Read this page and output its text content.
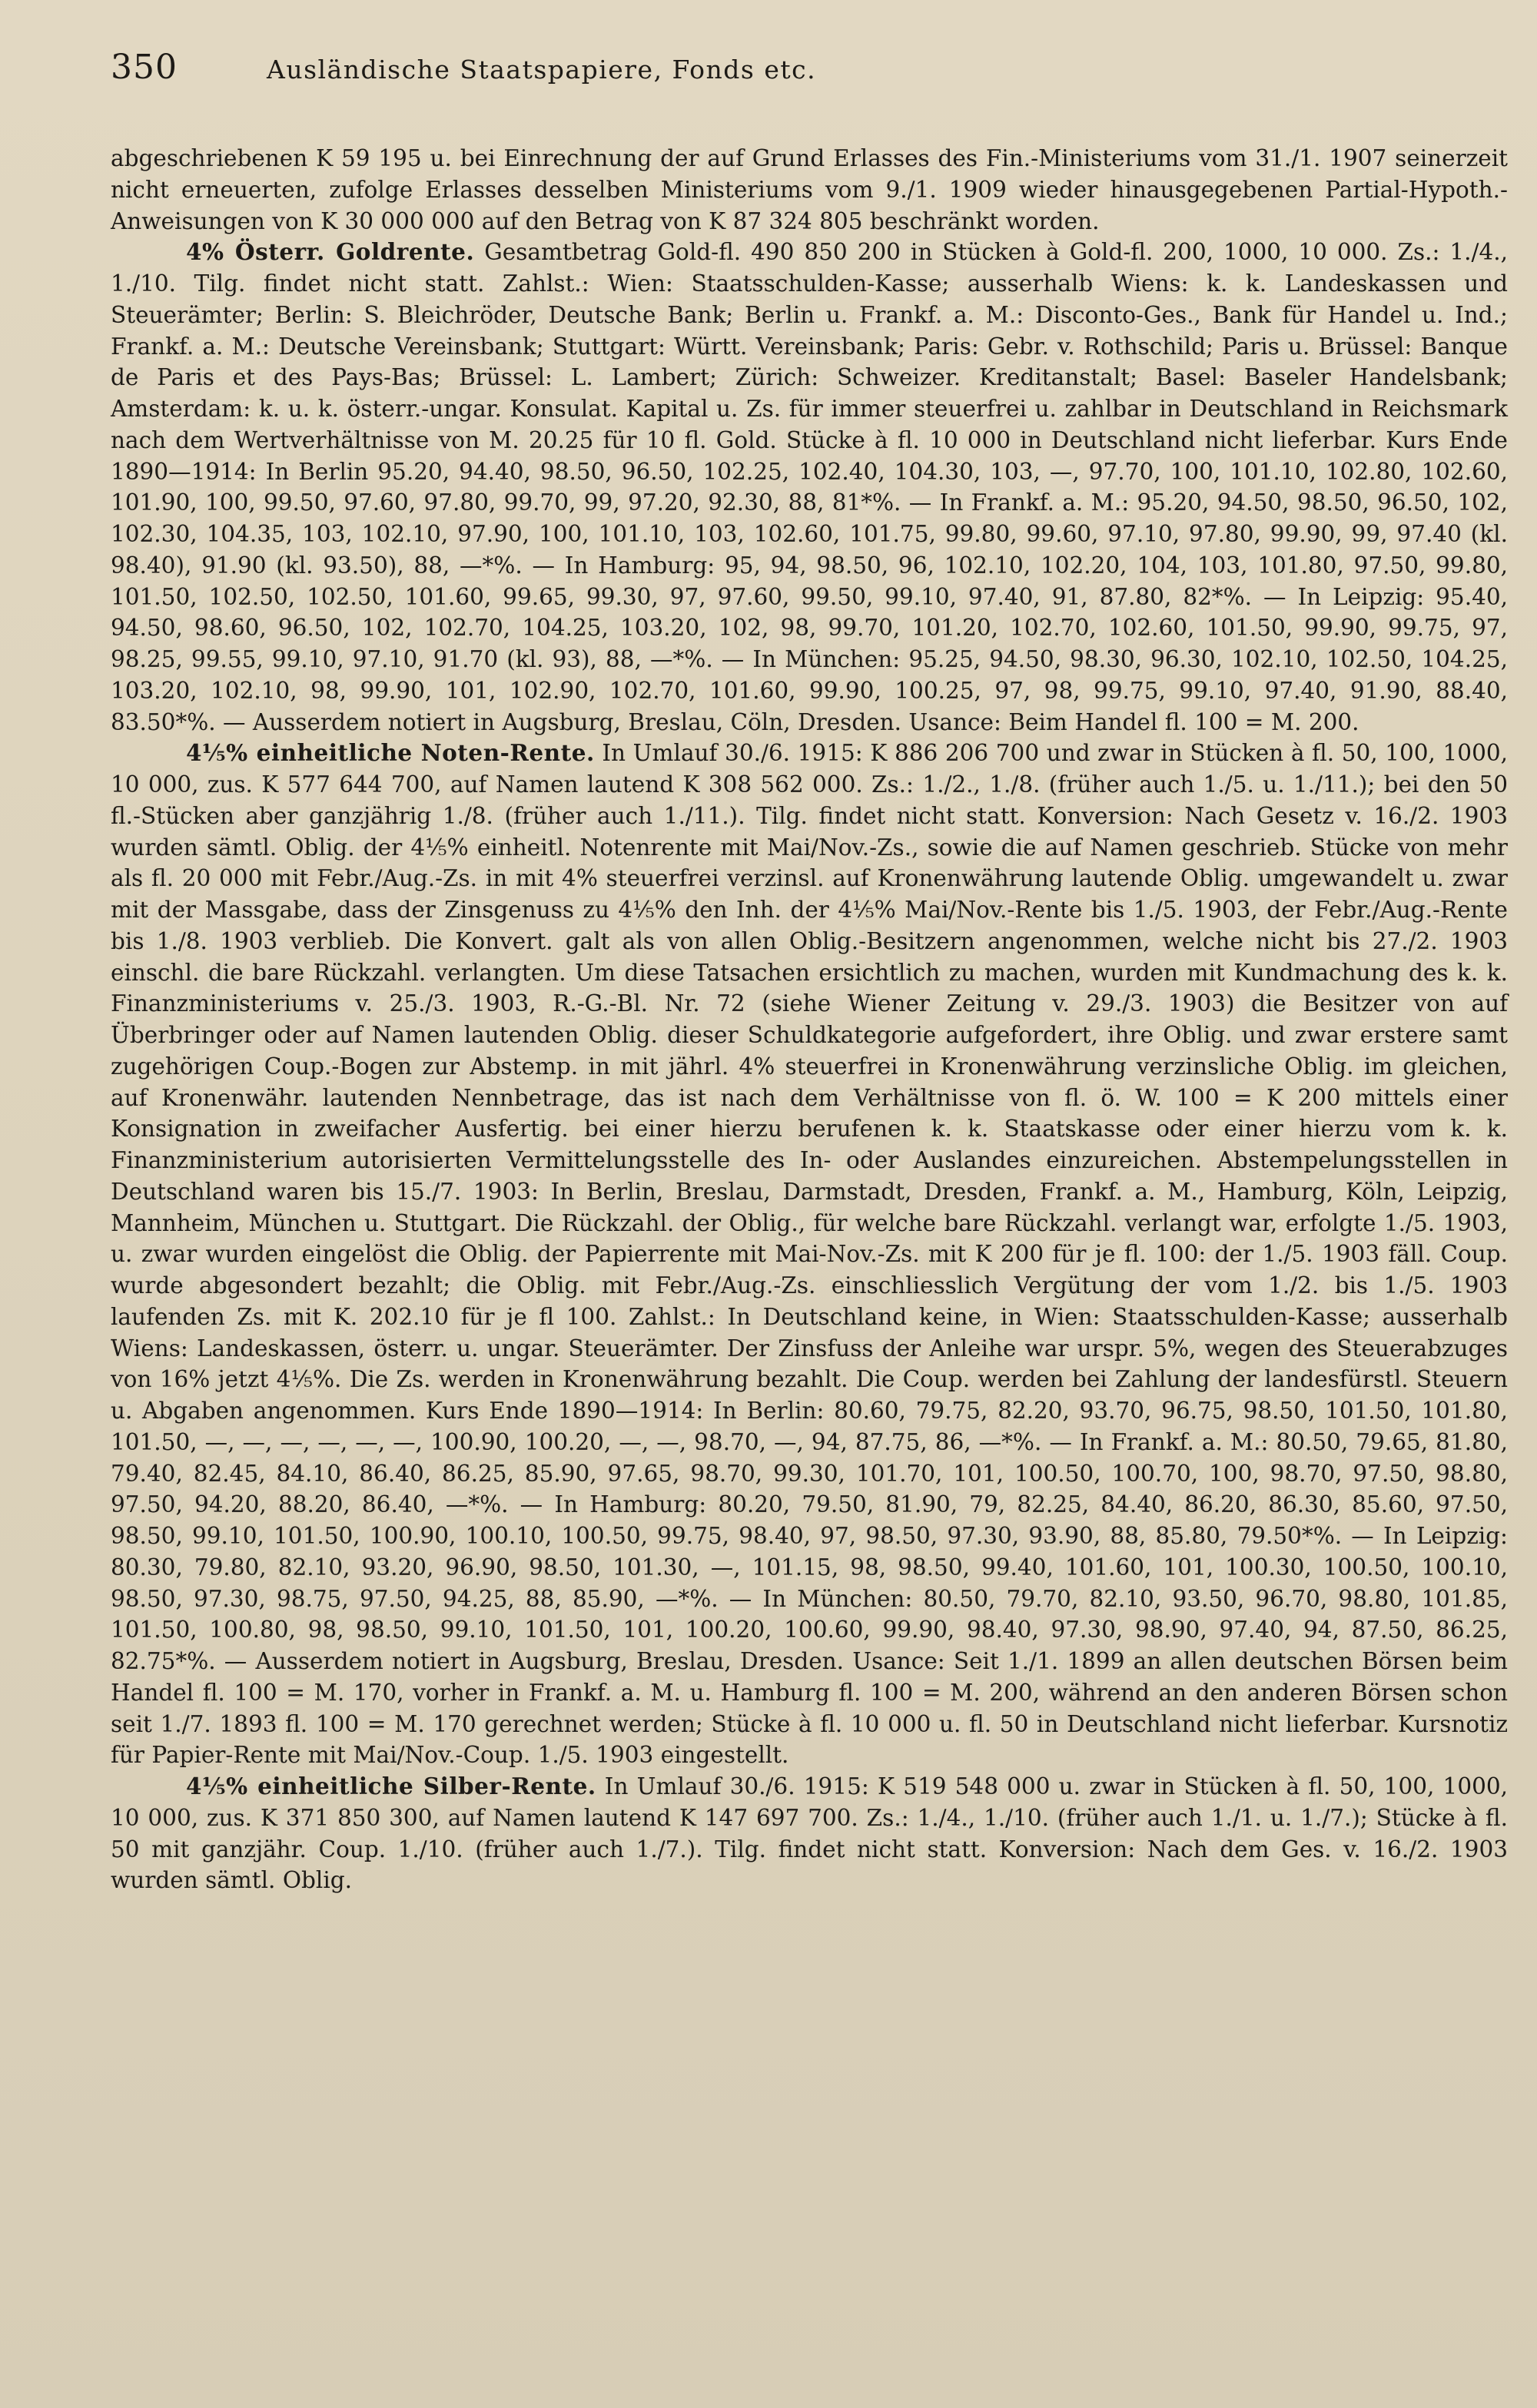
350	Ausländische Staatspapiere, Fonds etc.

abgeschriebenen K 59 195 u. bei Einrechnung der auf Grund Erlasses des Fin.-Ministeriums vom 31./1. 1907 seinerzeit nicht erneuerten, zufolge Erlasses desselben Ministeriums vom 9./1. 1909 wieder hinausgegebenen Partial-Hypoth.-Anweisungen von K 30 000 000 auf den Betrag von K 87 324 805 beschränkt worden.

4% Österr. Goldrente. Gesamtbetrag Gold-fl. 490 850 200 in Stücken à Gold-fl. 200, 1000, 10 000. Zs.: 1./4., 1./10. Tilg. findet nicht statt. Zahlst.: Wien: Staatsschulden-Kasse; ausserhalb Wiens: k. k. Landeskassen und Steuerämter; Berlin: S. Bleichröder, Deutsche Bank; Berlin u. Frankf. a. M.: Disconto-Ges., Bank für Handel u. Ind.; Frankf. a. M.: Deutsche Vereinsbank; Stuttgart: Württ. Vereinsbank; Paris: Gebr. v. Rothschild; Paris u. Brüssel: Banque de Paris et des Pays-Bas; Brüssel: L. Lambert; Zürich: Schweizer. Kreditanstalt; Basel: Baseler Handelsbank; Amsterdam: k. u. k. österr.-ungar. Konsulat. Kapital u. Zs. für immer steuerfrei u. zahlbar in Deutschland in Reichsmark nach dem Wertverhältnisse von M. 20.25 für 10 fl. Gold. Stücke à fl. 10 000 in Deutschland nicht lieferbar. Kurs Ende 1890—1914: In Berlin 95.20, 94.40, 98.50, 96.50, 102.25, 102.40, 104.30, 103, —, 97.70, 100, 101.10, 102.80, 102.60, 101.90, 100, 99.50, 97.60, 97.80, 99.70, 99, 97.20, 92.30, 88, 81*%. — In Frankf. a. M.: 95.20, 94.50, 98.50, 96.50, 102, 102.30, 104.35, 103, 102.10, 97.90, 100, 101.10, 103, 102.60, 101.75, 99.80, 99.60, 97.10, 97.80, 99.90, 99, 97.40 (kl. 98.40), 91.90 (kl. 93.50), 88, —*%. — In Hamburg: 95, 94, 98.50, 96, 102.10, 102.20, 104, 103, 101.80, 97.50, 99.80, 101.50, 102.50, 102.50, 101.60, 99.65, 99.30, 97, 97.60, 99.50, 99.10, 97.40, 91, 87.80, 82*%. — In Leipzig: 95.40, 94.50, 98.60, 96.50, 102, 102.70, 104.25, 103.20, 102, 98, 99.70, 101.20, 102.70, 102.60, 101.50, 99.90, 99.75, 97, 98.25, 99.55, 99.10, 97.10, 91.70 (kl. 93), 88, —*%. — In München: 95.25, 94.50, 98.30, 96.30, 102.10, 102.50, 104.25, 103.20, 102.10, 98, 99.90, 101, 102.90, 102.70, 101.60, 99.90, 100.25, 97, 98, 99.75, 99.10, 97.40, 91.90, 88.40, 83.50*%. — Ausserdem notiert in Augsburg, Breslau, Cöln, Dresden. Usance: Beim Handel fl. 100 = M. 200.

4⅕% einheitliche Noten-Rente. In Umlauf 30./6. 1915: K 886 206 700 und zwar in Stücken à fl. 50, 100, 1000, 10 000, zus. K 577 644 700, auf Namen lautend K 308 562 000. Zs.: 1./2., 1./8. (früher auch 1./5. u. 1./11.); bei den 50 fl.-Stücken aber ganzjährig 1./8. (früher auch 1./11.). Tilg. findet nicht statt. Konversion: Nach Gesetz v. 16./2. 1903 wurden sämtl. Oblig. der 4⅕% einheitl. Notenrente mit Mai/Nov.-Zs., sowie die auf Namen geschrieb. Stücke von mehr als fl. 20 000 mit Febr./Aug.-Zs. in mit 4% steuerfrei verzinsl. auf Kronenwährung lautende Oblig. umgewandelt u. zwar mit der Massgabe, dass der Zinsgenuss zu 4⅕% den Inh. der 4⅕% Mai/Nov.-Rente bis 1./5. 1903, der Febr./Aug.-Rente bis 1./8. 1903 verblieb. Die Konvert. galt als von allen Oblig.-Besitzern angenommen, welche nicht bis 27./2. 1903 einschl. die bare Rückzahl. verlangten. Um diese Tatsachen ersichtlich zu machen, wurden mit Kundmachung des k. k. Finanzministeriums v. 25./3. 1903, R.-G.-Bl. Nr. 72 (siehe Wiener Zeitung v. 29./3. 1903) die Besitzer von auf Überbringer oder auf Namen lautenden Oblig. dieser Schuldkategorie aufgefordert, ihre Oblig. und zwar erstere samt zugehörigen Coup.-Bogen zur Abstemp. in mit jährl. 4% steuerfrei in Kronenwährung verzinsliche Oblig. im gleichen, auf Kronenwähr. lautenden Nennbetrage, das ist nach dem Verhältnisse von fl. ö. W. 100 = K 200 mittels einer Konsignation in zweifacher Ausfertig. bei einer hierzu berufenen k. k. Staatskasse oder einer hierzu vom k. k. Finanzministerium autorisierten Vermittelungsstelle des In- oder Auslandes einzureichen. Abstempelungsstellen in Deutschland waren bis 15./7. 1903: In Berlin, Breslau, Darmstadt, Dresden, Frankf. a. M., Hamburg, Köln, Leipzig, Mannheim, München u. Stuttgart. Die Rückzahl. der Oblig., für welche bare Rückzahl. verlangt war, erfolgte 1./5. 1903, u. zwar wurden eingelöst die Oblig. der Papierrente mit Mai-Nov.-Zs. mit K 200 für je fl. 100: der 1./5. 1903 fäll. Coup. wurde abgesondert bezahlt; die Oblig. mit Febr./Aug.-Zs. einschliesslich Vergütung der vom 1./2. bis 1./5. 1903 laufenden Zs. mit K. 202.10 für je fl 100. Zahlst.: In Deutschland keine, in Wien: Staatsschulden-Kasse; ausserhalb Wiens: Landeskassen, österr. u. ungar. Steuerämter. Der Zinsfuss der Anleihe war urspr. 5%, wegen des Steuerabzuges von 16% jetzt 4⅕%. Die Zs. werden in Kronenwährung bezahlt. Die Coup. werden bei Zahlung der landesfürstl. Steuern u. Abgaben angenommen. Kurs Ende 1890—1914: In Berlin: 80.60, 79.75, 82.20, 93.70, 96.75, 98.50, 101.50, 101.80, 101.50, —, —, —, —, —, —, 100.90, 100.20, —, —, 98.70, —, 94, 87.75, 86, —*%. — In Frankf. a. M.: 80.50, 79.65, 81.80, 79.40, 82.45, 84.10, 86.40, 86.25, 85.90, 97.65, 98.70, 99.30, 101.70, 101, 100.50, 100.70, 100, 98.70, 97.50, 98.80, 97.50, 94.20, 88.20, 86.40, —*%. — In Hamburg: 80.20, 79.50, 81.90, 79, 82.25, 84.40, 86.20, 86.30, 85.60, 97.50, 98.50, 99.10, 101.50, 100.90, 100.10, 100.50, 99.75, 98.40, 97, 98.50, 97.30, 93.90, 88, 85.80, 79.50*%. — In Leipzig: 80.30, 79.80, 82.10, 93.20, 96.90, 98.50, 101.30, —, 101.15, 98, 98.50, 99.40, 101.60, 101, 100.30, 100.50, 100.10, 98.50, 97.30, 98.75, 97.50, 94.25, 88, 85.90, —*%. — In München: 80.50, 79.70, 82.10, 93.50, 96.70, 98.80, 101.85, 101.50, 100.80, 98, 98.50, 99.10, 101.50, 101, 100.20, 100.60, 99.90, 98.40, 97.30, 98.90, 97.40, 94, 87.50, 86.25, 82.75*%. — Ausserdem notiert in Augsburg, Breslau, Dresden. Usance: Seit 1./1. 1899 an allen deutschen Börsen beim Handel fl. 100 = M. 170, vorher in Frankf. a. M. u. Hamburg fl. 100 = M. 200, während an den anderen Börsen schon seit 1./7. 1893 fl. 100 = M. 170 gerechnet werden; Stücke à fl. 10 000 u. fl. 50 in Deutschland nicht lieferbar. Kursnotiz für Papier-Rente mit Mai/Nov.-Coup. 1./5. 1903 eingestellt.

4⅕% einheitliche Silber-Rente. In Umlauf 30./6. 1915: K 519 548 000 u. zwar in Stücken à fl. 50, 100, 1000, 10 000, zus. K 371 850 300, auf Namen lautend K 147 697 700. Zs.: 1./4., 1./10. (früher auch 1./1. u. 1./7.); Stücke à fl. 50 mit ganzjähr. Coup. 1./10. (früher auch 1./7.). Tilg. findet nicht statt. Konversion: Nach dem Ges. v. 16./2. 1903 wurden sämtl. Oblig.
